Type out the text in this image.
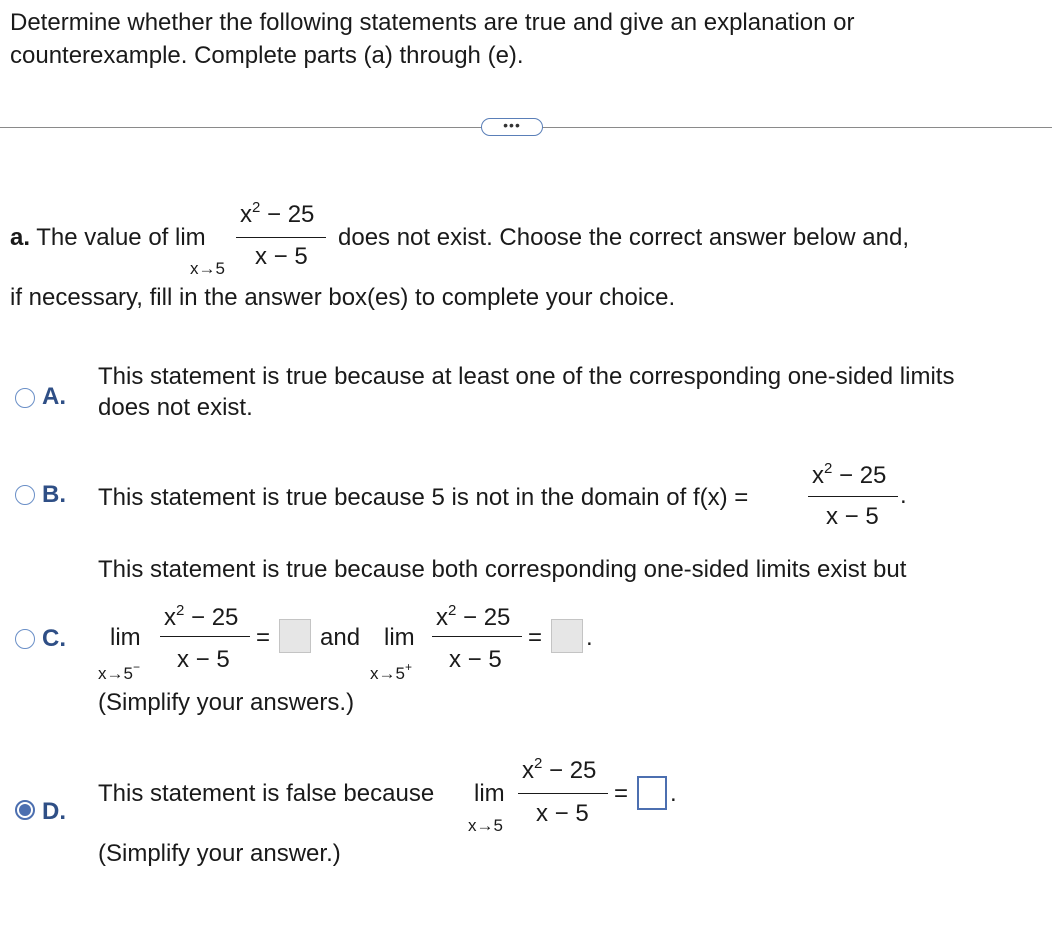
Determine whether the following statements are true and give an explanation or
counterexample. Complete parts (a) through (e).
•••
a. The value of lim
x→5
$x^2 - 25$
x − 5
does not exist. Choose the correct answer below and,
if necessary, fill in the answer box(es) to complete your choice.
A.
This statement is true because at least one of the corresponding one-sided limits
does not exist.
B. This statement is true because 5 is not in the domain of f(x) =
$x^2 - 25$
x − 5
.
This statement is true because both corresponding one-sided limits exist but
C. lim
x→5−
$x^2 - 25$
x − 5
= and lim
x→5+
$x^2 - 25$
x − 5
= .
(Simplify your answers.)
D.
This statement is false because lim
x→5
$x^2 - 25$
x − 5
= .
(Simplify your answer.)
